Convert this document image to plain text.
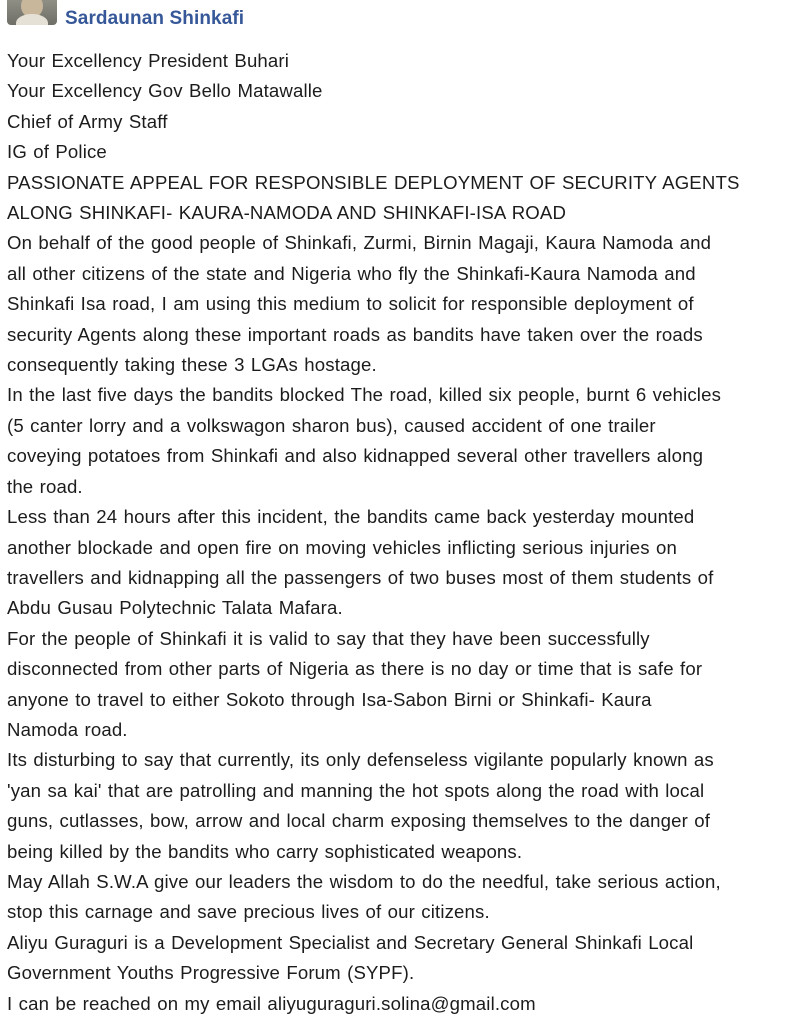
Sardaunan Shinkafi
Your Excellency President Buhari
Your Excellency Gov Bello Matawalle
Chief of Army Staff
IG of Police
PASSIONATE APPEAL FOR RESPONSIBLE DEPLOYMENT OF SECURITY AGENTS
ALONG SHINKAFI- KAURA-NAMODA AND SHINKAFI-ISA ROAD
On behalf of the good people of Shinkafi, Zurmi, Birnin Magaji, Kaura Namoda and
all other citizens of the state and Nigeria who fly the Shinkafi-Kaura Namoda and
Shinkafi Isa road, I am using this medium to solicit for responsible deployment of
security Agents along these important roads as bandits have taken over the roads
consequently taking these 3 LGAs hostage.
In the last five days the bandits blocked The road, killed six people, burnt 6 vehicles
(5 canter lorry and a volkswagon sharon bus), caused accident of one trailer
coveying potatoes from Shinkafi and also kidnapped several other travellers along
the road.
Less than 24 hours after this incident, the bandits came back yesterday mounted
another blockade and open fire on moving vehicles inflicting serious injuries on
travellers and kidnapping all the passengers of two buses most of them students of
Abdu Gusau Polytechnic Talata Mafara.
For the people of Shinkafi it is valid to say that they have been successfully
disconnected from other parts of Nigeria as there is no day or time that is safe for
anyone to travel to either Sokoto through Isa-Sabon Birni or Shinkafi- Kaura
Namoda road.
Its disturbing to say that currently, its only defenseless vigilante popularly known as
'yan sa kai' that are patrolling and manning the hot spots along the road with local
guns, cutlasses, bow, arrow and local charm exposing themselves to the danger of
being killed by the bandits who carry sophisticated weapons.
May Allah S.W.A give our leaders the wisdom to do the needful, take serious action,
stop this carnage and save precious lives of our citizens.
Aliyu Guraguri is a Development Specialist and Secretary General Shinkafi Local
Government Youths Progressive Forum (SYPF).
I can be reached on my email aliyuguraguri.solina@gmail.com
